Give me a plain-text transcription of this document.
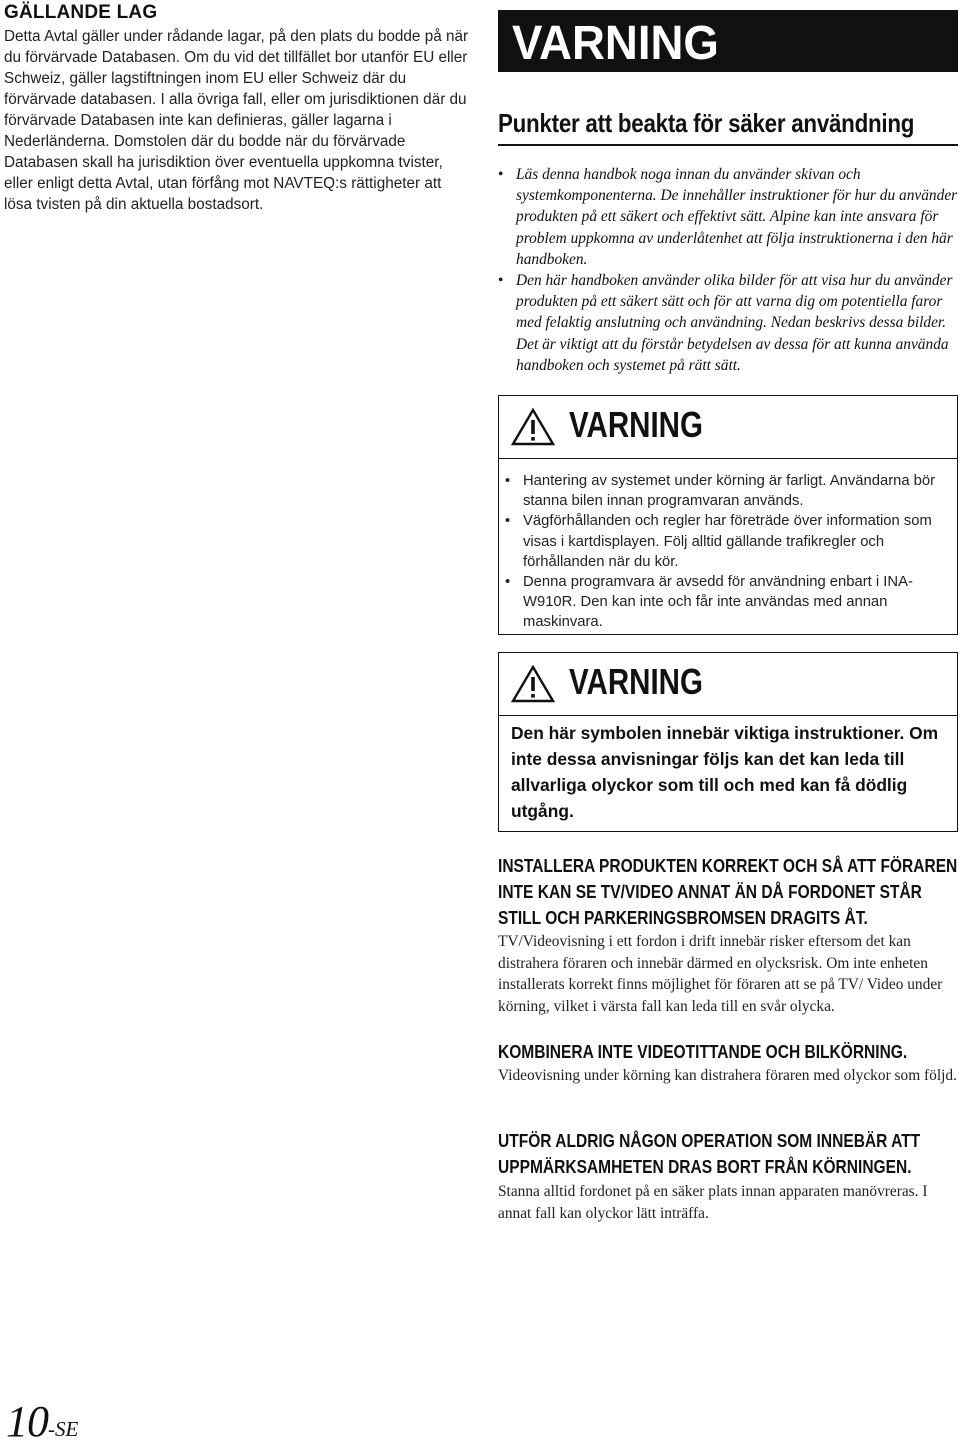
GÄLLANDE LAG

Detta Avtal gäller under rådande lagar, på den plats du bodde på när du förvärvade Databasen. Om du vid det tillfället bor utanför EU eller Schweiz, gäller lagstiftningen inom EU eller Schweiz där du förvärvade databasen. I alla övriga fall, eller om jurisdiktionen där du förvärvade Databasen inte kan definieras, gäller lagarna i Nederländerna. Domstolen där du bodde när du förvärvade Databasen skall ha jurisdiktion över eventuella uppkomna tvister, eller enligt detta Avtal, utan förfång mot NAVTEQ:s rättigheter att lösa tvisten på din aktuella bostadsort.

VARNING
Punkter att beakta för säker användning
• Läs denna handbok noga innan du använder skivan och systemkomponenterna. De innehåller instruktioner för hur du använder produkten på ett säkert och effektivt sätt. Alpine kan inte ansvara för problem uppkomna av underlåtenhet att följa instruktionerna i den här handboken.
• Den här handboken använder olika bilder för att visa hur du använder produkten på ett säkert sätt och för att varna dig om potentiella faror med felaktig anslutning och användning. Nedan beskrivs dessa bilder. Det är viktigt att du förstår betydelsen av dessa för att kunna använda handboken och systemet på rätt sätt.
VARNING
• Hantering av systemet under körning är farligt. Användarna bör stanna bilen innan programvaran används.
• Vägförhållanden och regler har företräde över information som visas i kartdisplayen. Följ alltid gällande trafikregler och förhållanden när du kör.
• Denna programvara är avsedd för användning enbart i INA-W910R. Den kan inte och får inte användas med annan maskinvara.
VARNING

Den här symbolen innebär viktiga instruktioner. Om inte dessa anvisningar följs kan det kan leda till allvarliga olyckor som till och med kan få dödlig utgång.

INSTALLERA PRODUKTEN KORREKT OCH SÅ ATT FÖRAREN INTE KAN SE TV/VIDEO ANNAT ÄN DÅ FORDONET STÅR STILL OCH PARKERINGSBROMSEN DRAGITS ÅT.

TV/Videovisning i ett fordon i drift innebär risker eftersom det kan distrahera föraren och innebär därmed en olycksrisk. Om inte enheten installerats korrekt finns möjlighet för föraren att se på TV/ Video under körning, vilket i värsta fall kan leda till en svår olycka.

KOMBINERA INTE VIDEOTITTANDE OCH BILKÖRNING.

Videovisning under körning kan distrahera föraren med olyckor som följd.

UTFÖR ALDRIG NÅGON OPERATION SOM INNEBÄR ATT UPPMÄRKSAMHETEN DRAS BORT FRÅN KÖRNINGEN.

Stanna alltid fordonet på en säker plats innan apparaten manövreras. I annat fall kan olyckor lätt inträffa.

10-SE
